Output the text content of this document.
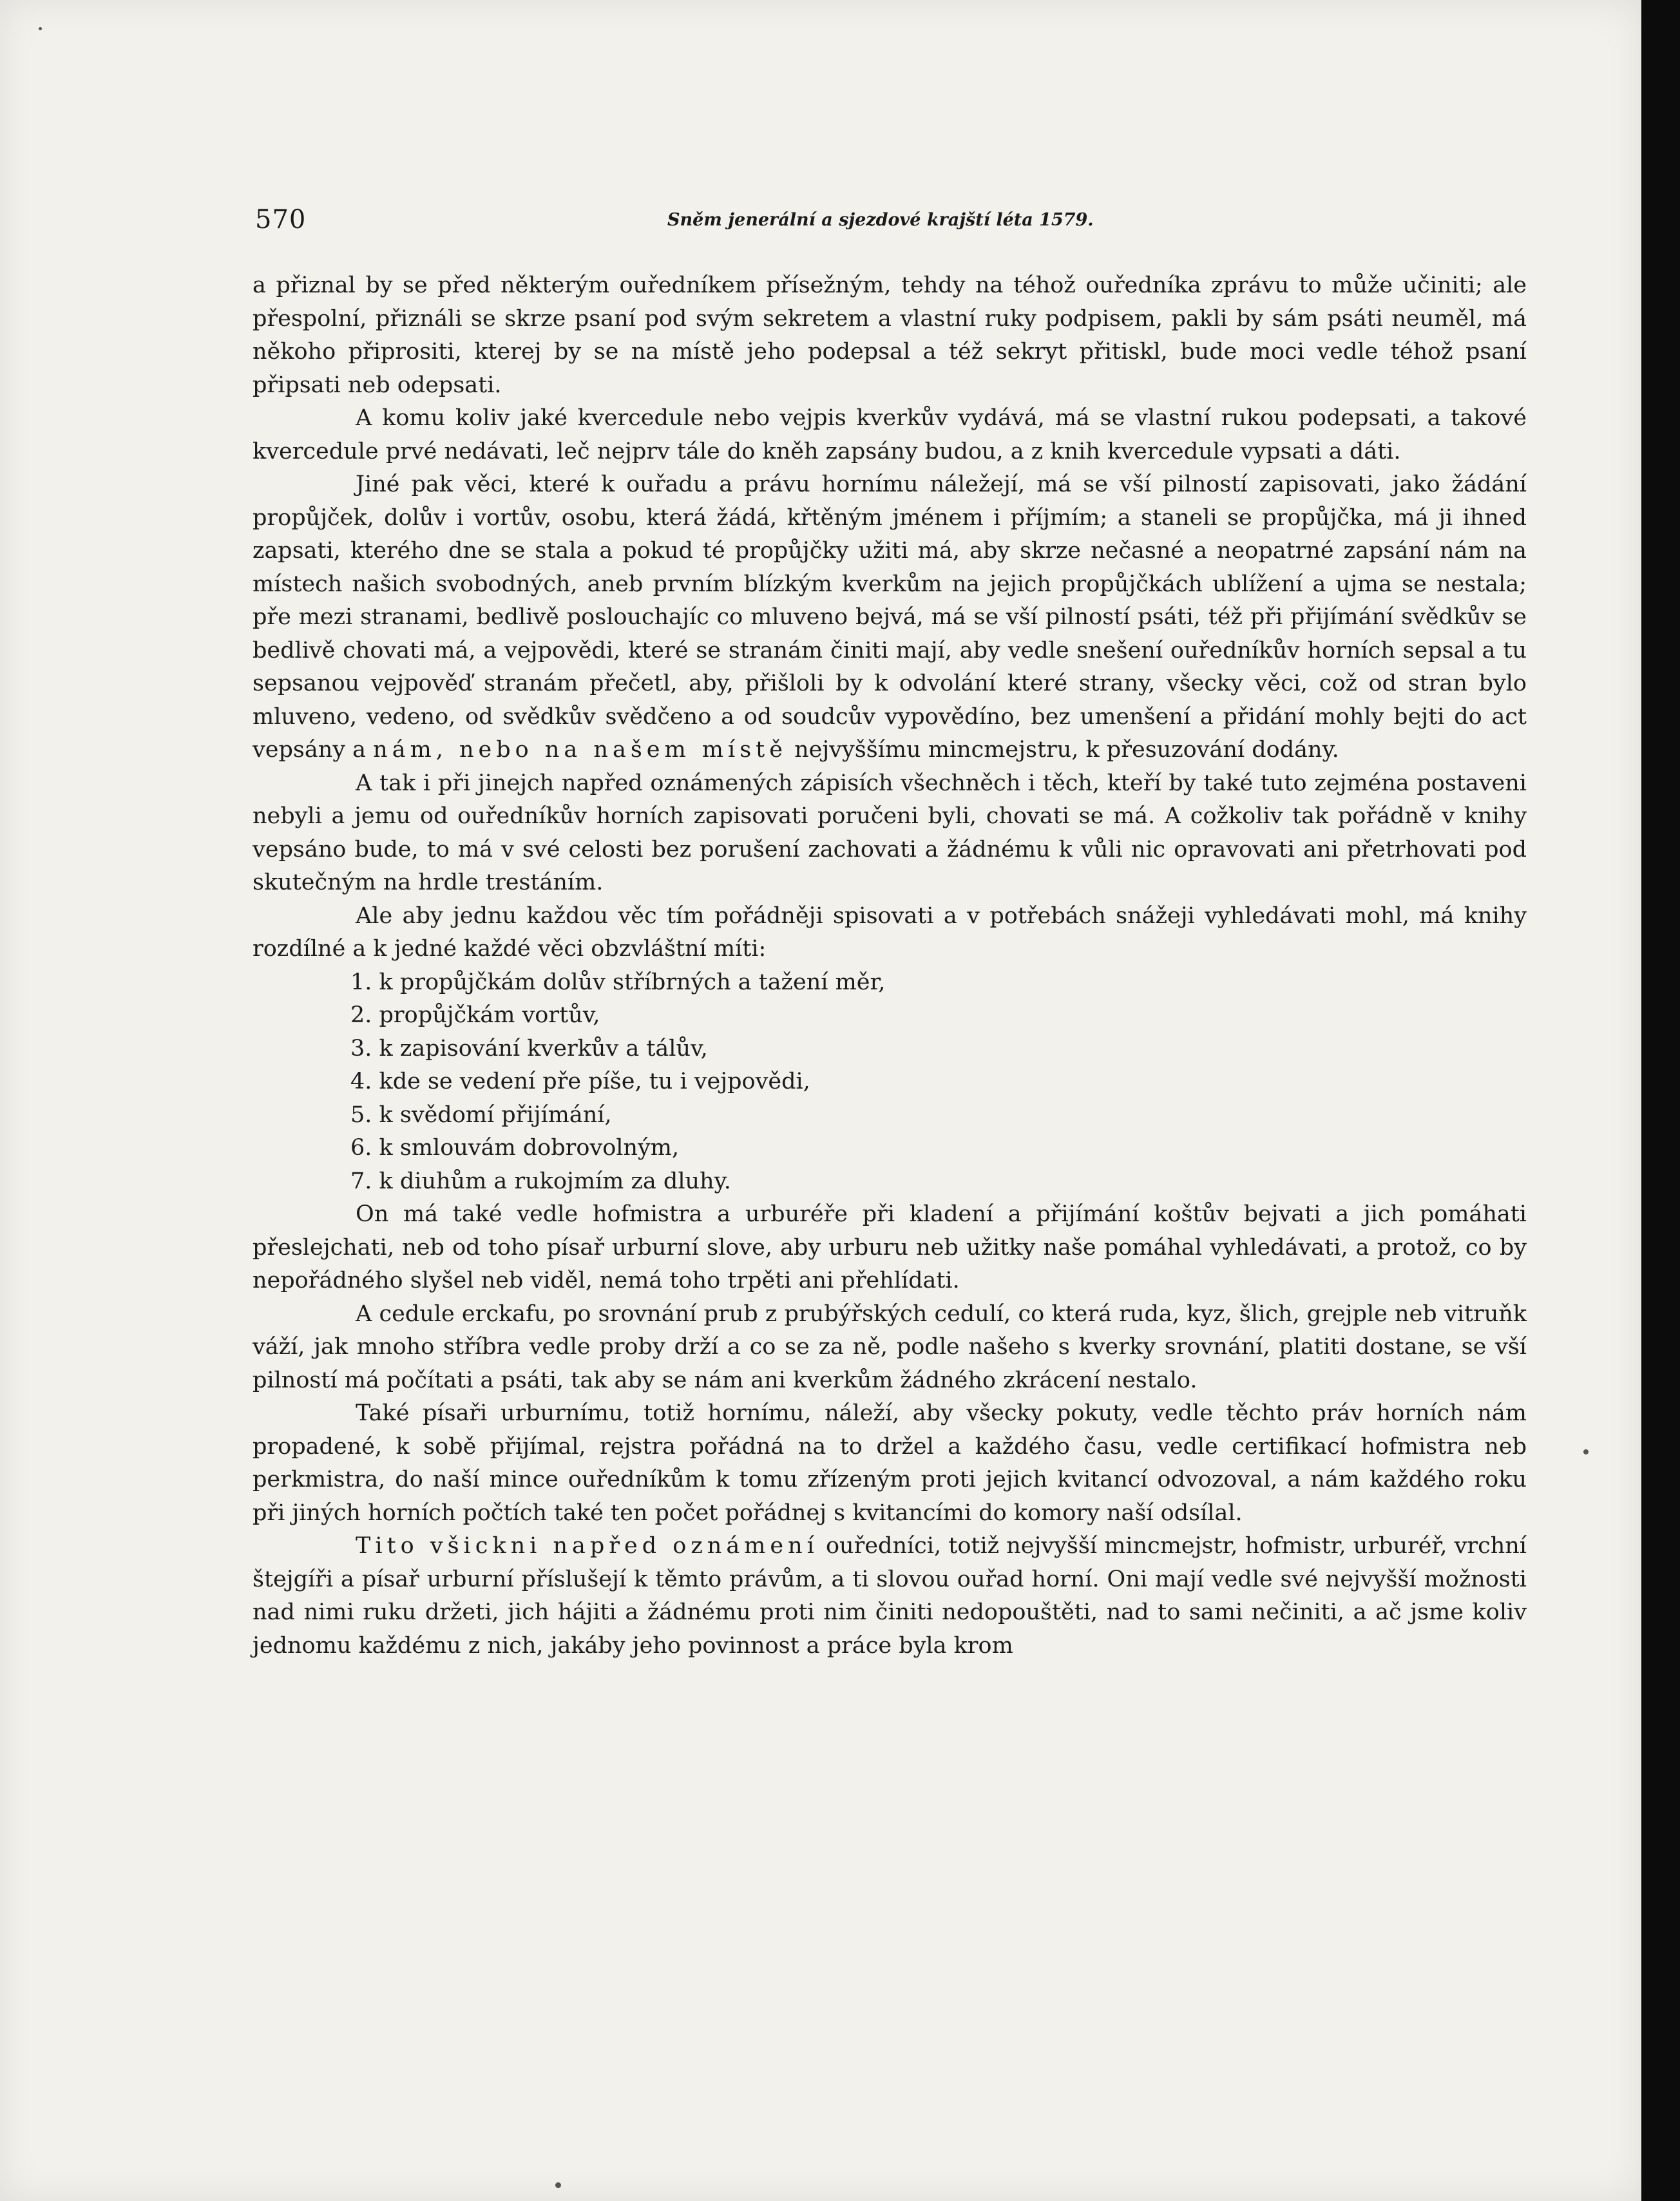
570	Sněm jenerální a sjezdové krajští léta 1579.

a přiznal by se před některým ouředníkem přísežným, tehdy na téhož ouředníka zprávu to může učiniti; ale přespolní, přiználi se skrze psaní pod svým sekretem a vlastní ruky podpisem, pakli by sám psáti neuměl, má někoho připrositi, kterej by se na místě jeho podepsal a též sekryt přitiskl, bude moci vedle téhož psaní připsati neb odepsati.

A komu koliv jaké kvercedule nebo vejpis kverkův vydává, má se vlastní rukou podepsati, a takové kvercedule prvé nedávati, leč nejprv tále do kněh zapsány budou, a z knih kvercedule vypsati a dáti.

Jiné pak věci, které k ouřadu a právu hornímu náležejí, má se vší pilností zapisovati, jako žádání propůjček, dolův i vortův, osobu, která žádá, křtěným jménem i příjmím; a staneli se propůjčka, má ji ihned zapsati, kterého dne se stala a pokud té propůjčky užiti má, aby skrze nečasné a neopatrné zapsání nám na místech našich svobodných, aneb prvním blízkým kverkům na jejich propůjčkách ublížení a ujma se nestala; pře mezi stranami, bedlivě poslouchajíc co mluveno bejvá, má se vší pilností psáti, též při přijímání svědkův se bedlivě chovati má, a vejpovědi, které se stranám činiti mají, aby vedle snešení ouředníkův horních sepsal a tu sepsanou vejpověď stranám přečetl, aby, přišloli by k odvolání které strany, všecky věci, což od stran bylo mluveno, vedeno, od svědkův svědčeno a od soudcův vypovědíno, bez umenšení a přidání mohly bejti do act vepsány a nám, nebo na našem místě nejvyššímu mincmejstru, k přesuzování dodány.

A tak i při jinejch napřed oznámených zápisích všechněch i těch, kteří by také tuto zejména postaveni nebyli a jemu od ouředníkův horních zapisovati poručeni byli, chovati se má. A cožkoliv tak pořádně v knihy vepsáno bude, to má v své celosti bez porušení zachovati a žádnému k vůli nic opravovati ani přetrhovati pod skutečným na hrdle trestáním.

Ale aby jednu každou věc tím pořádněji spisovati a v potřebách snážeji vyhledávati mohl, má knihy rozdílné a k jedné každé věci obzvláštní míti:

1. k propůjčkám dolův stříbrných a tažení měr,
2. propůjčkám vortův,
3. k zapisování kverkův a tálův,
4. kde se vedení pře píše, tu i vejpovědi,
5. k svědomí přijímání,
6. k smlouvám dobrovolným,
7. k diuhům a rukojmím za dluhy.

On má také vedle hofmistra a urburéře při kladení a přijímání koštův bejvati a jich pomáhati přeslejchati, neb od toho písař urburní slove, aby urburu neb užitky naše pomáhal vyhledávati, a protož, co by nepořádného slyšel neb viděl, nemá toho trpěti ani přehlídati.

A cedule erckafu, po srovnání prub z prubýřských cedulí, co která ruda, kyz, šlich, grejple neb vitruňk váží, jak mnoho stříbra vedle proby drží a co se za ně, podle našeho s kverky srovnání, platiti dostane, se vší pilností má počítati a psáti, tak aby se nám ani kverkům žádného zkrácení nestalo.

Také písaři urburnímu, totiž hornímu, náleží, aby všecky pokuty, vedle těchto práv horních nám propadené, k sobě přijímal, rejstra pořádná na to držel a každého času, vedle certifikací hofmistra neb perkmistra, do naší mince ouředníkům k tomu zřízeným proti jejich kvitancí odvozoval, a nám každého roku při jiných horních počtích také ten počet pořádnej s kvitancími do komory naší odsílal.

Tito všickni napřed oznámení ouředníci, totiž nejvyšší mincmejstr, hofmistr, urburéř, vrchní štejgíři a písař urburní příslušejí k těmto právům, a ti slovou ouřad horní. Oni mají vedle své nejvyšší možnosti nad nimi ruku držeti, jich hájiti a žádnému proti nim činiti nedopouštěti, nad to sami nečiniti, a ač jsme koliv jednomu každému z nich, jakáby jeho povinnost a práce byla krom
